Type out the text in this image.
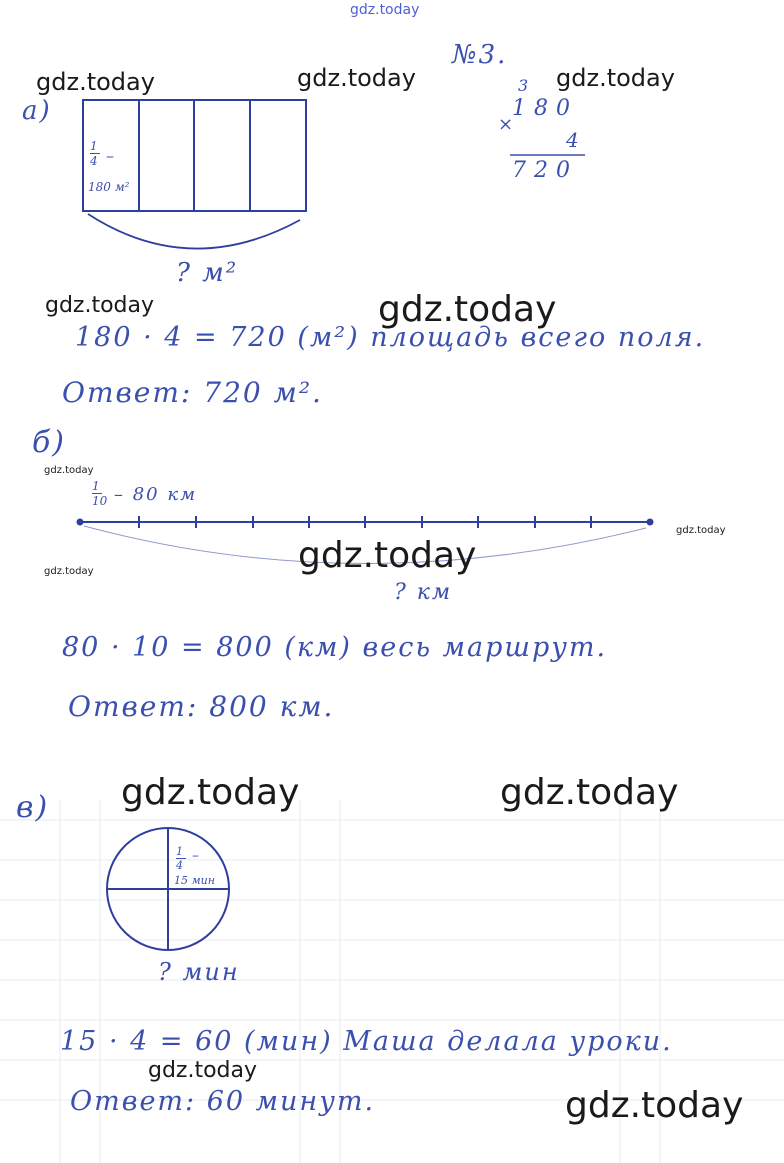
gdz.today
gdz.today	gdz.today	gdz.today
gdz.today	gdz.today
gdz.today
gdz.today
gdz.today	gdz.today
gdz.today	gdz.today
gdz.today
gdz.today
№3.
а)
1
4 –
180 м²
? м²
3
180
×
4
720
180 · 4 = 720 (м²) площадь всего поля.
Ответ: 720 м².
б)
1
10 – 80 км
? км
80 · 10 = 800 (км) весь маршрут.
Ответ: 800 км.
в)
1
4
–
15 мин
? мин
15 · 4 = 60 (мин) Маша делала уроки.
Ответ: 60 минут.
